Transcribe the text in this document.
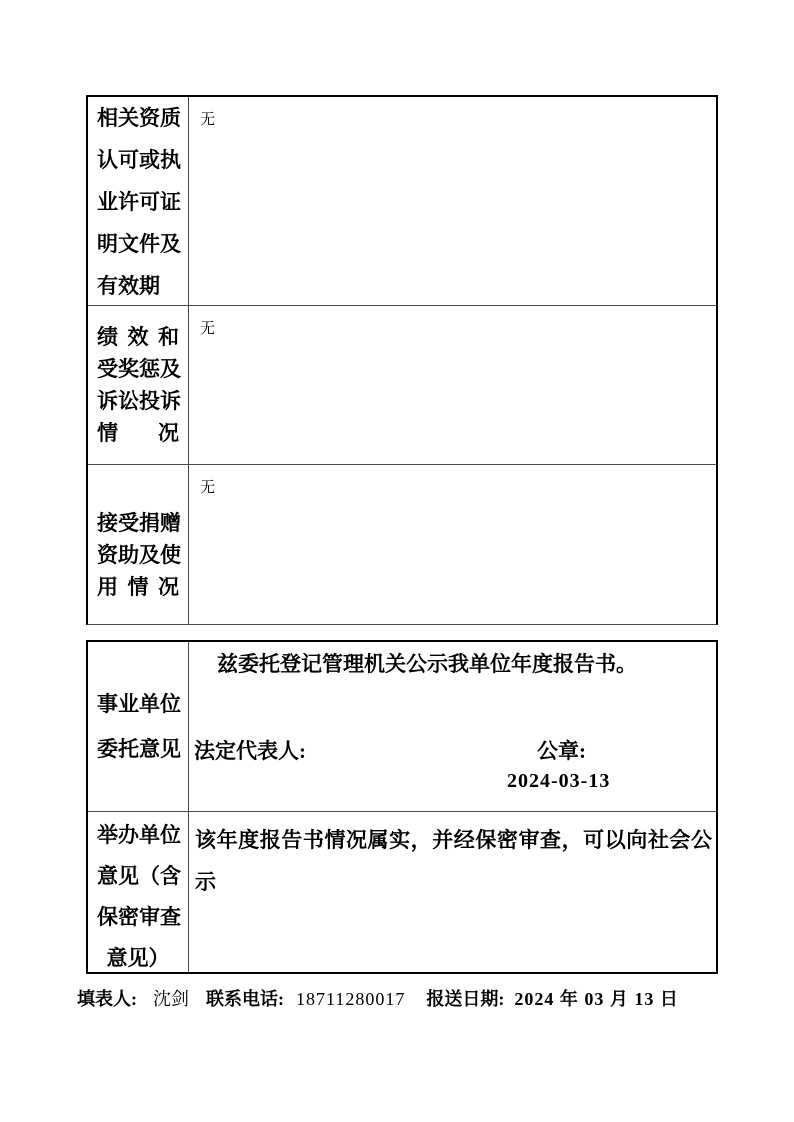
相 关 资 质
认 可 或 执
业 许 可 证
明 文 件 及
有 效 期
无
绩 效 和
受 奖 惩 及
诉 讼 投 诉
情 况
无
接 受 捐 赠
资 助 及 使
用 情 况
无
事 业 单 位
委 托 意 见
兹委托登记管理机关公示我单位年度报告书。
法定代表人:	公章:
2024-03-13
举 办 单 位
意 见 （ 含
保 密 审 查
意 见 ）
该年度报告书情况属实，并经保密审查，可以向社会公示
填表人: 沈剑 联系电话: 18711280017 报送日期: 2024 年 03 月 13 日
